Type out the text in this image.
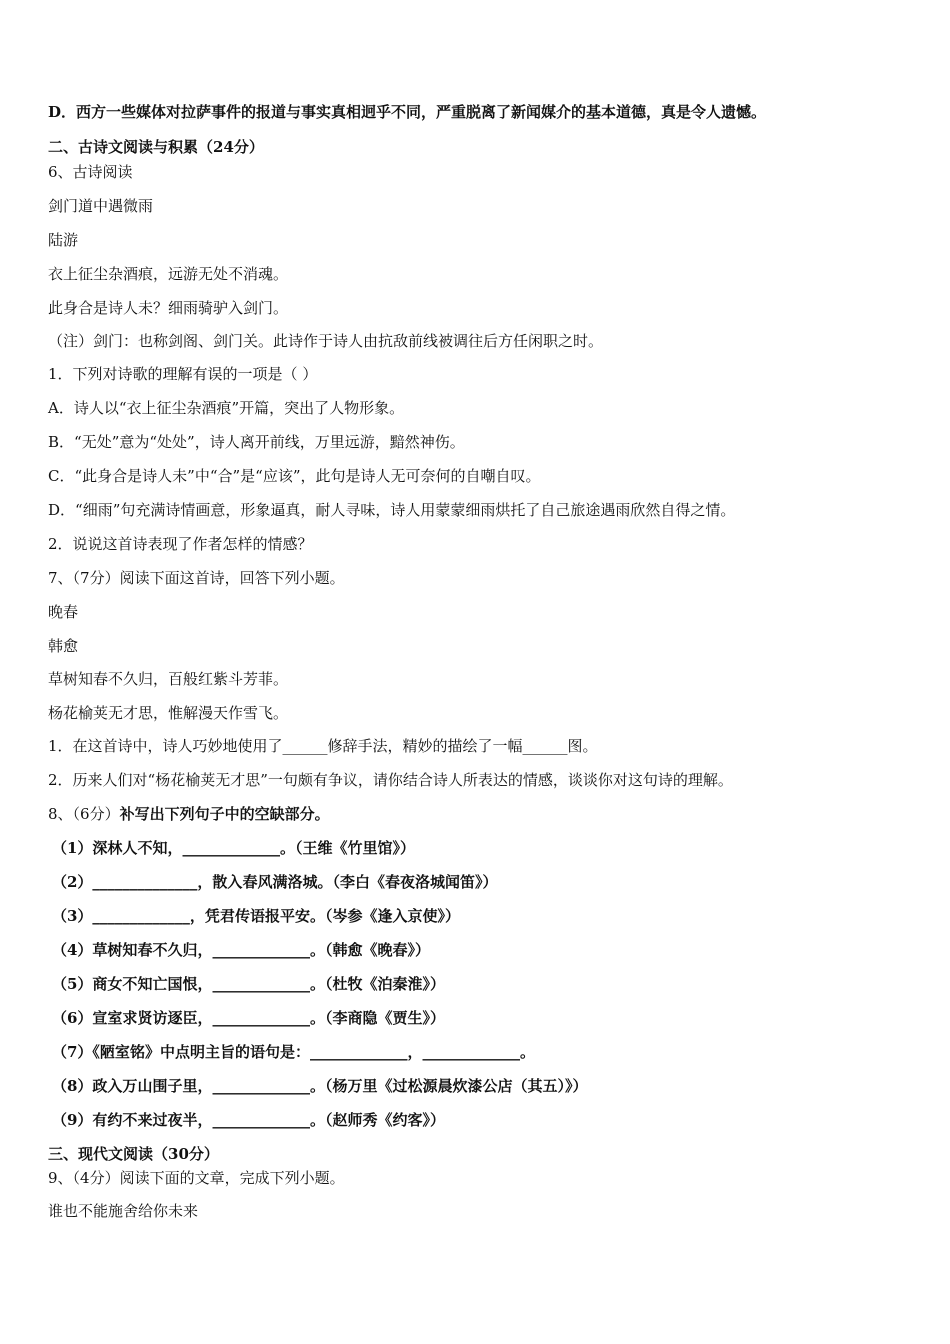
D．西方一些媒体对拉萨事件的报道与事实真相迥乎不同，严重脱离了新闻媒介的基本道德，真是令人遗憾。
二、古诗文阅读与积累（24分）
6、古诗阅读
剑门道中遇微雨
陆游
衣上征尘杂酒痕，远游无处不消魂。
此身合是诗人未？细雨骑驴入剑门。
（注）剑门：也称剑阁、剑门关。此诗作于诗人由抗敌前线被调往后方任闲职之时。
1．下列对诗歌的理解有误的一项是（ ）
A．诗人以“衣上征尘杂酒痕”开篇，突出了人物形象。
B．“无处”意为“处处”，诗人离开前线，万里远游，黯然神伤。
C．“此身合是诗人未”中“合”是“应该”，此句是诗人无可奈何的自嘲自叹。
D．“细雨”句充满诗情画意，形象逼真，耐人寻味，诗人用蒙蒙细雨烘托了自己旅途遇雨欣然自得之情。
2．说说这首诗表现了作者怎样的情感？
7、（7分）阅读下面这首诗，回答下列小题。
晚春
韩愈
草树知春不久归，百般红紫斗芳菲。
杨花榆荚无才思，惟解漫天作雪飞。
1．在这首诗中，诗人巧妙地使用了______修辞手法，精妙的描绘了一幅______图。
2．历来人们对“杨花榆荚无才思”一句颇有争议，请你结合诗人所表达的情感，谈谈你对这句诗的理解。
8、（6分）补写出下列句子中的空缺部分。
（1）深林人不知，_____________。（王维《竹里馆》）
（2）______________，散入春风满洛城。（李白《春夜洛城闻笛》）
（3）_____________，凭君传语报平安。（岑参《逢入京使》）
（4）草树知春不久归，_____________。（韩愈《晚春》）
（5）商女不知亡国恨，_____________。（杜牧《泊秦淮》）
（6）宣室求贤访逐臣，_____________。（李商隐《贾生》）
（7）《陋室铭》中点明主旨的语句是：_____________，_____________。
（8）政入万山围子里，_____________。（杨万里《过松源晨炊漆公店（其五）》）
（9）有约不来过夜半，_____________。（赵师秀《约客》）
三、现代文阅读（30分）
9、（4分）阅读下面的文章，完成下列小题。
谁也不能施舍给你未来
